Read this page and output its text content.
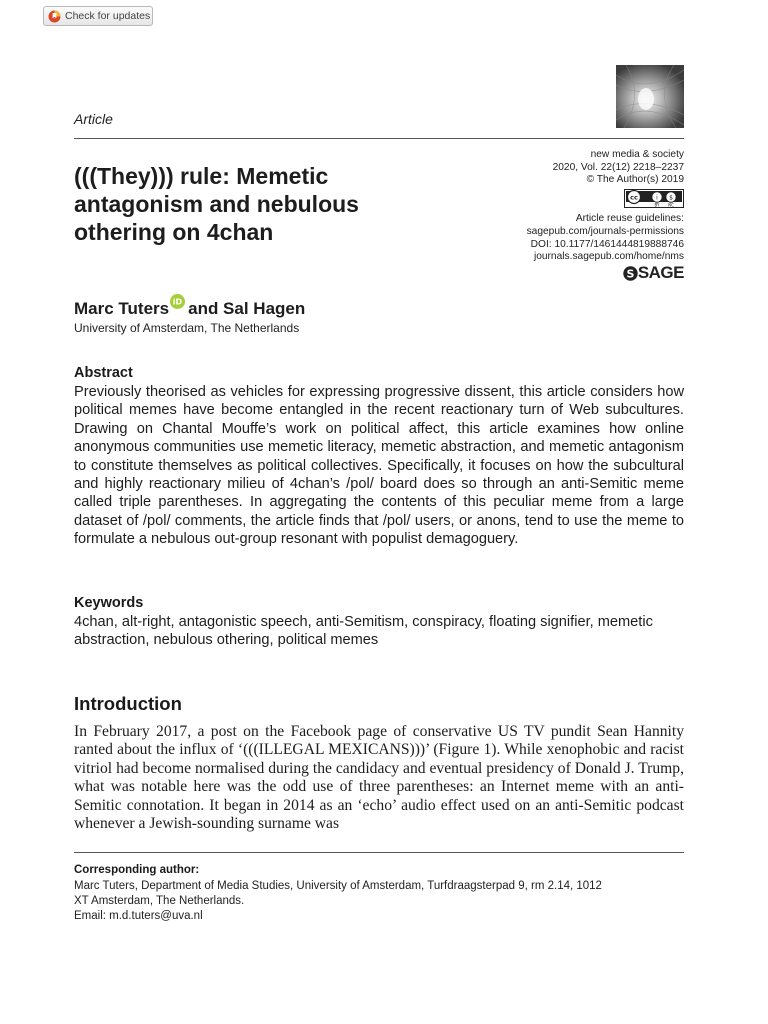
Check for updates
Article
(((They))) rule: Memetic antagonism and nebulous othering on 4chan
new media & society
2020, Vol. 22(12) 2218–2237
© The Author(s) 2019
cc	i $
BY NC
Article reuse guidelines:
sagepub.com/journals-permissions
DOI: 10.1177/1461444819888746
journals.sagepub.com/home/nms
S SAGE
Marc Tuters iD and Sal Hagen
University of Amsterdam, The Netherlands
Abstract
Previously theorised as vehicles for expressing progressive dissent, this article considers how political memes have become entangled in the recent reactionary turn of Web subcultures. Drawing on Chantal Mouffe’s work on political affect, this article examines how online anonymous communities use memetic literacy, memetic abstraction, and memetic antagonism to constitute themselves as political collectives. Specifically, it focuses on how the subcultural and highly reactionary milieu of 4chan’s /pol/ board does so through an anti-Semitic meme called triple parentheses. In aggregating the contents of this peculiar meme from a large dataset of /pol/ comments, the article finds that /pol/ users, or anons, tend to use the meme to formulate a nebulous out-group resonant with populist demagoguery.
Keywords
4chan, alt-right, antagonistic speech, anti-Semitism, conspiracy, floating signifier, memetic abstraction, nebulous othering, political memes
Introduction
In February 2017, a post on the Facebook page of conservative US TV pundit Sean Hannity ranted about the influx of ‘(((ILLEGAL MEXICANS)))’ (Figure 1). While xenophobic and racist vitriol had become normalised during the candidacy and eventual presidency of Donald J. Trump, what was notable here was the odd use of three parentheses: an Internet meme with an anti-Semitic connotation. It began in 2014 as an ‘echo’ audio effect used on an anti-Semitic podcast whenever a Jewish-sounding surname was
Corresponding author:
Marc Tuters, Department of Media Studies, University of Amsterdam, Turfdraagsterpad 9, rm 2.14, 1012
XT Amsterdam, The Netherlands.
Email: m.d.tuters@uva.nl
